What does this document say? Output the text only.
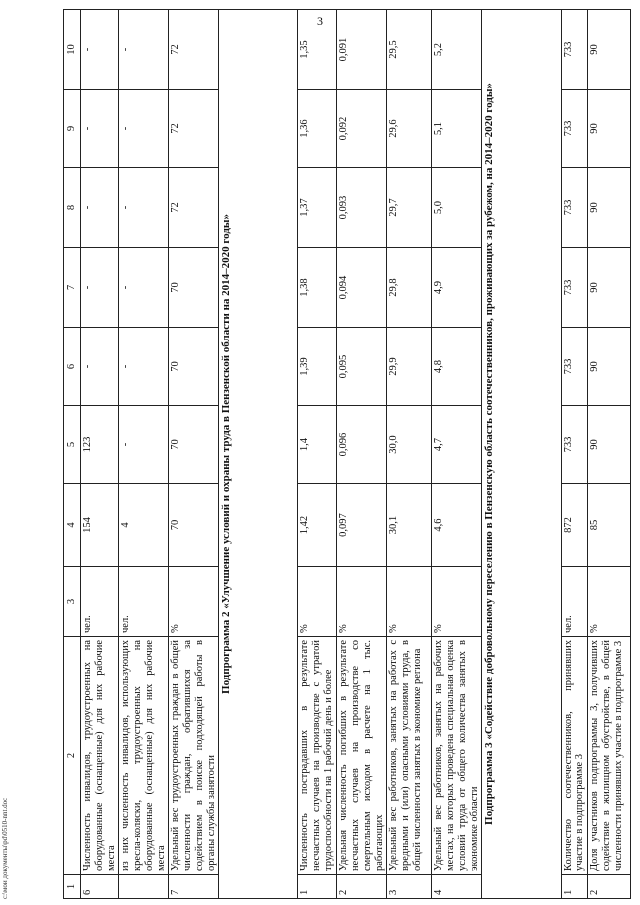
3
1	2	3	4	5	6	7	8	9	10
6	Численность инвалидов, трудоустроенных на оборудованные (оснащенные) для них рабочие места	чел.	154	123	-	-	-	-	-
	из них численность инвалидов, использующих кресла-коляски, трудоустроенных на оборудованные (оснащенные) для них рабочие места	чел.	4	-	-	-	-	-	-
7	Удельный вес трудоустроенных граждан в общей численности граждан, обратившихся за содействием в поиске подходящей работы в органы службы занятости	%	70	70	70	70	72	72	72
Подпрограмма 2 «Улучшение условий и охраны труда в Пензенской области на 2014–2020 годы»									
1	Численность пострадавших в результате несчастных случаев на производстве с утратой трудоспособности на 1 рабочий день и более	%	1,42	1,4	1,39	1,38	1,37	1,36	1,35
2	Удельная численность погибших в результате несчастных случаев на производстве со смертельным исходом в расчете на 1 тыс. работающих	%	0,097	0,096	0,095	0,094	0,093	0,092	0,091
3	Удельный вес работников, занятых на работах с вредными и (или) опасными условиями труда, в общей численности занятых в экономике региона	%	30,1	30,0	29,9	29,8	29,7	29,6	29,5
4	Удельный вес работников, занятых на рабочих местах, на которых проведена специальная оценка условий труда от общего количества занятых в экономике области	%	4,6	4,7	4,8	4,9	5,0	5,1	5,2
Подпрограмма 3 «Содействие добровольному переселению в Пензенскую область соотечественников, проживающих за рубежом, на 2014–2020 годы»									
1	Количество соотечественников, принявших участие в подпрограмме 3	чел.	872	733	733	733	733	733	733
2	Доля участников подпрограммы 3, получивших содействие в жилищном обустройстве, в общей численности принявших участие в подпрограмме 3	%	85	90	90	90	90	90	90
c:\мои документы\pd\0510-nnt.doc
